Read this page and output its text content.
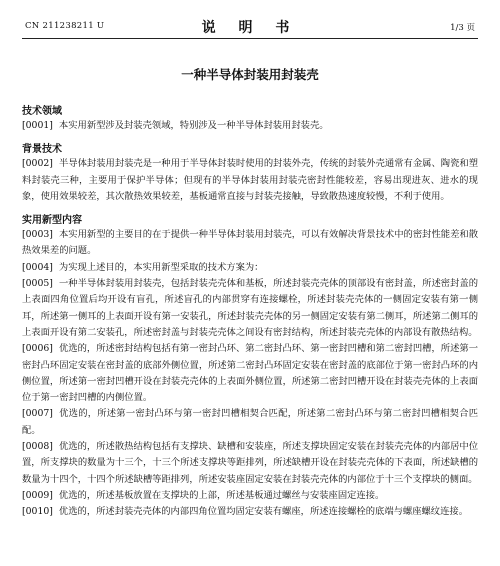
CN 211238211 U	说 明 书	1/3 页
一种半导体封装用封装壳
技术领域

[0001] 本实用新型涉及封装壳领域，特别涉及一种半导体封装用封装壳。

背景技术

[0002] 半导体封装用封装壳是一种用于半导体封装时使用的封装外壳，传统的封装外壳通常有金属、陶瓷和塑料封装壳三种，主要用于保护半导体；但现有的半导体封装用封装壳密封性能较差，容易出现进灰、进水的现象，使用效果较差，其次散热效果较差，基板通常直接与封装壳接触，导致散热速度较慢，不利于使用。

实用新型内容

[0003] 本实用新型的主要目的在于提供一种半导体封装用封装壳，可以有效解决背景技术中的密封性能差和散热效果差的问题。

[0004] 为实现上述目的，本实用新型采取的技术方案为：

[0005] 一种半导体封装用封装壳，包括封装壳壳体和基板，所述封装壳壳体的顶部设有密封盖，所述密封盖的上表面四角位置后均开设有盲孔，所述盲孔的内部贯穿有连接螺栓，所述封装壳壳体的一侧固定安装有第一侧耳，所述第一侧耳的上表面开设有第一安装孔，所述封装壳壳体的另一侧固定安装有第二侧耳，所述第二侧耳的上表面开设有第二安装孔，所述密封盖与封装壳壳体之间设有密封结构，所述封装壳壳体的内部设有散热结构。

[0006] 优选的，所述密封结构包括有第一密封凸环、第二密封凸环、第一密封凹槽和第二密封凹槽，所述第一密封凸环固定安装在密封盖的底部外侧位置，所述第二密封凸环固定安装在密封盖的底部位于第一密封凸环的内侧位置，所述第一密封凹槽开设在封装壳壳体的上表面外侧位置，所述第二密封凹槽开设在封装壳壳体的上表面位于第一密封凹槽的内侧位置。

[0007] 优选的，所述第一密封凸环与第一密封凹槽相契合匹配，所述第二密封凸环与第二密封凹槽相契合匹配。

[0008] 优选的，所述散热结构包括有支撑块、缺槽和安装座，所述支撑块固定安装在封装壳壳体的内部居中位置，所支撑块的数量为十三个，十三个所述支撑块等距排列，所述缺槽开设在封装壳壳体的下表面，所述缺槽的数量为十四个，十四个所述缺槽等距排列，所述安装座固定安装在封装壳壳体的内部位于十三个支撑块的侧面。

[0009] 优选的，所述基板放置在支撑块的上部，所述基板通过螺丝与安装座固定连接。

[0010] 优选的，所述封装壳壳体的内部四角位置均固定安装有螺座，所述连接螺栓的底端与螺座螺纹连接。
